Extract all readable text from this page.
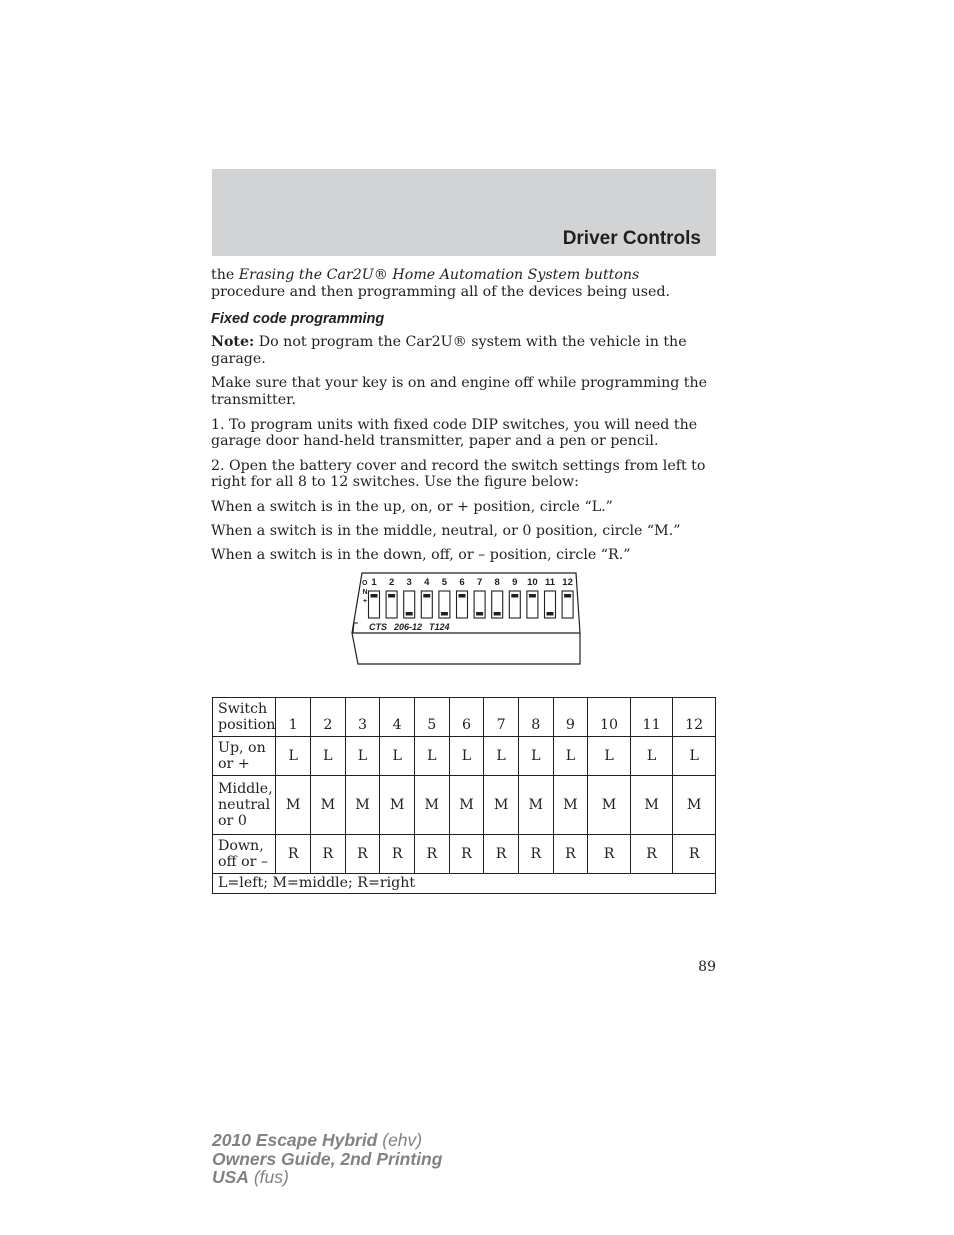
Driver Controls

the Erasing the Car2U® Home Automation System buttons procedure and then programming all of the devices being used.

Fixed code programming

Note: Do not program the Car2U® system with the vehicle in the garage.

Make sure that your key is on and engine off while programming the transmitter.

1. To program units with fixed code DIP switches, you will need the garage door hand-held transmitter, paper and a pen or pencil.

2. Open the battery cover and record the switch settings from left to right for all 8 to 12 switches. Use the figure below:

When a switch is in the up, on, or + position, circle “L.”

When a switch is in the middle, neutral, or 0 position, circle “M.”

When a switch is in the down, off, or – position, circle “R.”

O
N
+
1 2 3 4 5 6 7 8 9 10 11 12
CTS 206-12 T124
Switch position	1	2	3	4	5	6	7	8	9	10	11	12
Up, on or +	L	L	L	L	L	L	L	L	L	L	L	L
Middle, neutral or 0	M	M	M	M	M	M	M	M	M	M	M	M
Down, off or –	R	R	R	R	R	R	R	R	R	R	R	R
L=left; M=middle; R=right												
89
2010 Escape Hybrid (ehv)
Owners Guide, 2nd Printing
USA (fus)
